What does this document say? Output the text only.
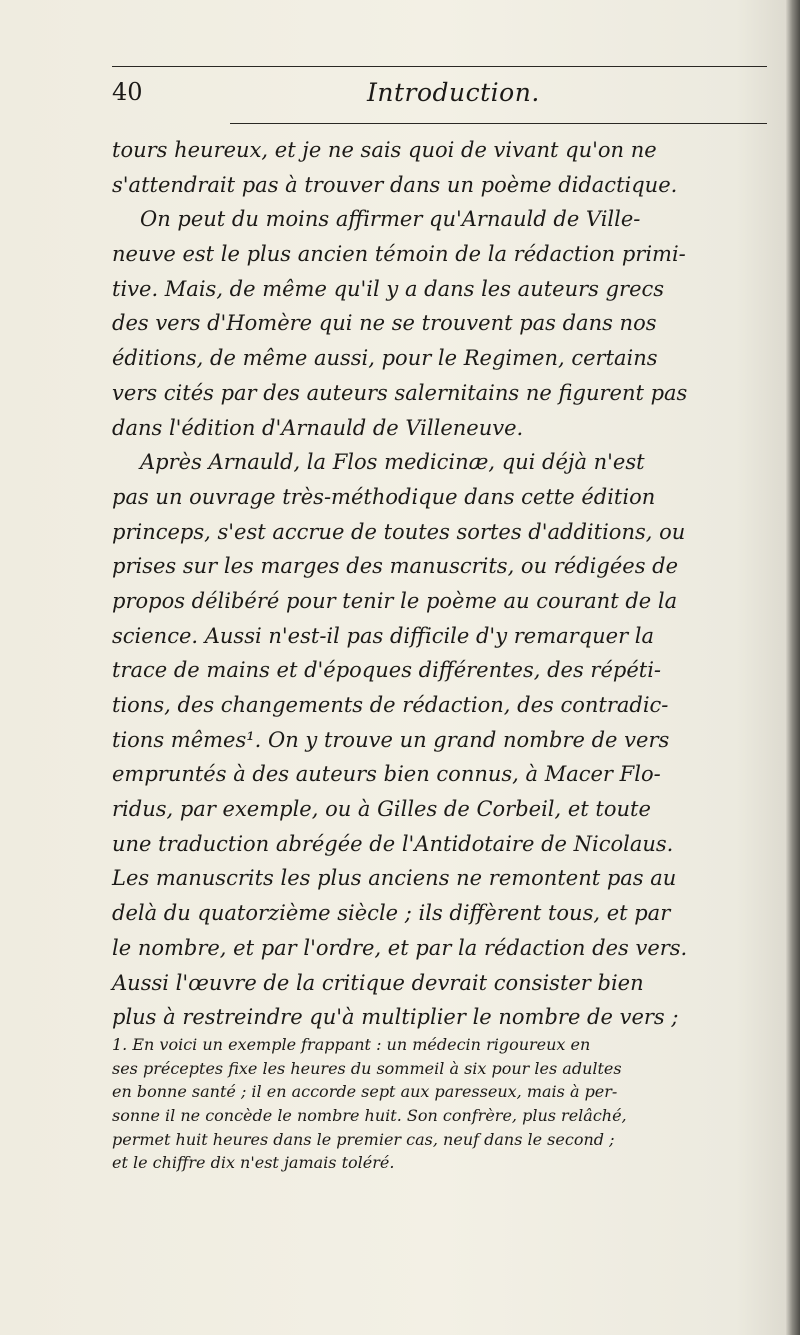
40	Introduction.
tours heureux, et je ne sais quoi de vivant qu'on ne
s'attendrait pas à trouver dans un poème didactique.
On peut du moins affirmer qu'Arnauld de Ville-
neuve est le plus ancien témoin de la rédaction primi-
tive. Mais, de même qu'il y a dans les auteurs grecs
des vers d'Homère qui ne se trouvent pas dans nos
éditions, de même aussi, pour le Regimen, certains
vers cités par des auteurs salernitains ne figurent pas
dans l'édition d'Arnauld de Villeneuve.
Après Arnauld, la Flos medicinæ, qui déjà n'est
pas un ouvrage très-méthodique dans cette édition
princeps, s'est accrue de toutes sortes d'additions, ou
prises sur les marges des manuscrits, ou rédigées de
propos délibéré pour tenir le poème au courant de la
science. Aussi n'est-il pas difficile d'y remarquer la
trace de mains et d'époques différentes, des répéti-
tions, des changements de rédaction, des contradic-
tions mêmes¹. On y trouve un grand nombre de vers
empruntés à des auteurs bien connus, à Macer Flo-
ridus, par exemple, ou à Gilles de Corbeil, et toute
une traduction abrégée de l'Antidotaire de Nicolaus.
Les manuscrits les plus anciens ne remontent pas au
delà du quatorzième siècle ; ils diffèrent tous, et par
le nombre, et par l'ordre, et par la rédaction des vers.
Aussi l'œuvre de la critique devrait consister bien
plus à restreindre qu'à multiplier le nombre de vers ;
1. En voici un exemple frappant : un médecin rigoureux en
ses préceptes fixe les heures du sommeil à six pour les adultes
en bonne santé ; il en accorde sept aux paresseux, mais à per-
sonne il ne concède le nombre huit. Son confrère, plus relâché,
permet huit heures dans le premier cas, neuf dans le second ;
et le chiffre dix n'est jamais toléré.
